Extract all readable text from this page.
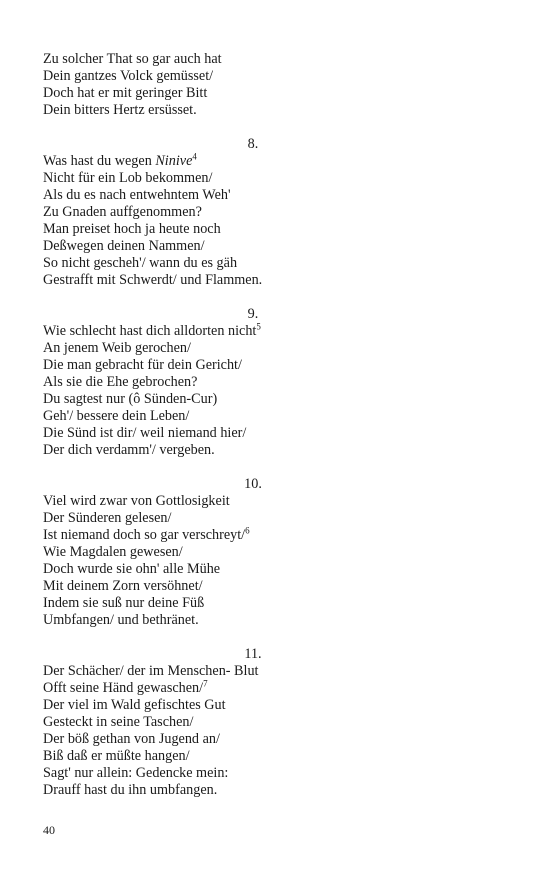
Zu solcher That so gar auch hat
Dein gantzes Volck gemüsset/
Doch hat er mit geringer Bitt
Dein bitters Hertz ersüsset.
8.
Was hast du wegen Ninive$^4$
Nicht für ein Lob bekommen/
Als du es nach entwehntem Weh'
Zu Gnaden auffgenommen?
Man preiset hoch ja heute noch
Deßwegen deinen Nammen/
So nicht gescheh'/ wann du es gäh
Gestrafft mit Schwerdt/ und Flammen.
9.
Wie schlecht hast dich alldorten nicht$^5$
An jenem Weib gerochen/
Die man gebracht für dein Gericht/
Als sie die Ehe gebrochen?
Du sagtest nur (ô Sünden-Cur)
Geh'/ bessere dein Leben/
Die Sünd ist dir/ weil niemand hier/
Der dich verdamm'/ vergeben.
10.
Viel wird zwar von Gottlosigkeit
Der Sünderen gelesen/
Ist niemand doch so gar verschreyt/$^6$
Wie Magdalen gewesen/
Doch wurde sie ohn' alle Mühe
Mit deinem Zorn versöhnet/
Indem sie suß nur deine Füß
Umbfangen/ und bethränet.
11.
Der Schächer/ der im Menschen- Blut
Offt seine Händ gewaschen/$^7$
Der viel im Wald gefischtes Gut
Gesteckt in seine Taschen/
Der böß gethan von Jugend an/
Biß daß er müßte hangen/
Sagt' nur allein: Gedencke mein:
Drauff hast du ihn umbfangen.
40
